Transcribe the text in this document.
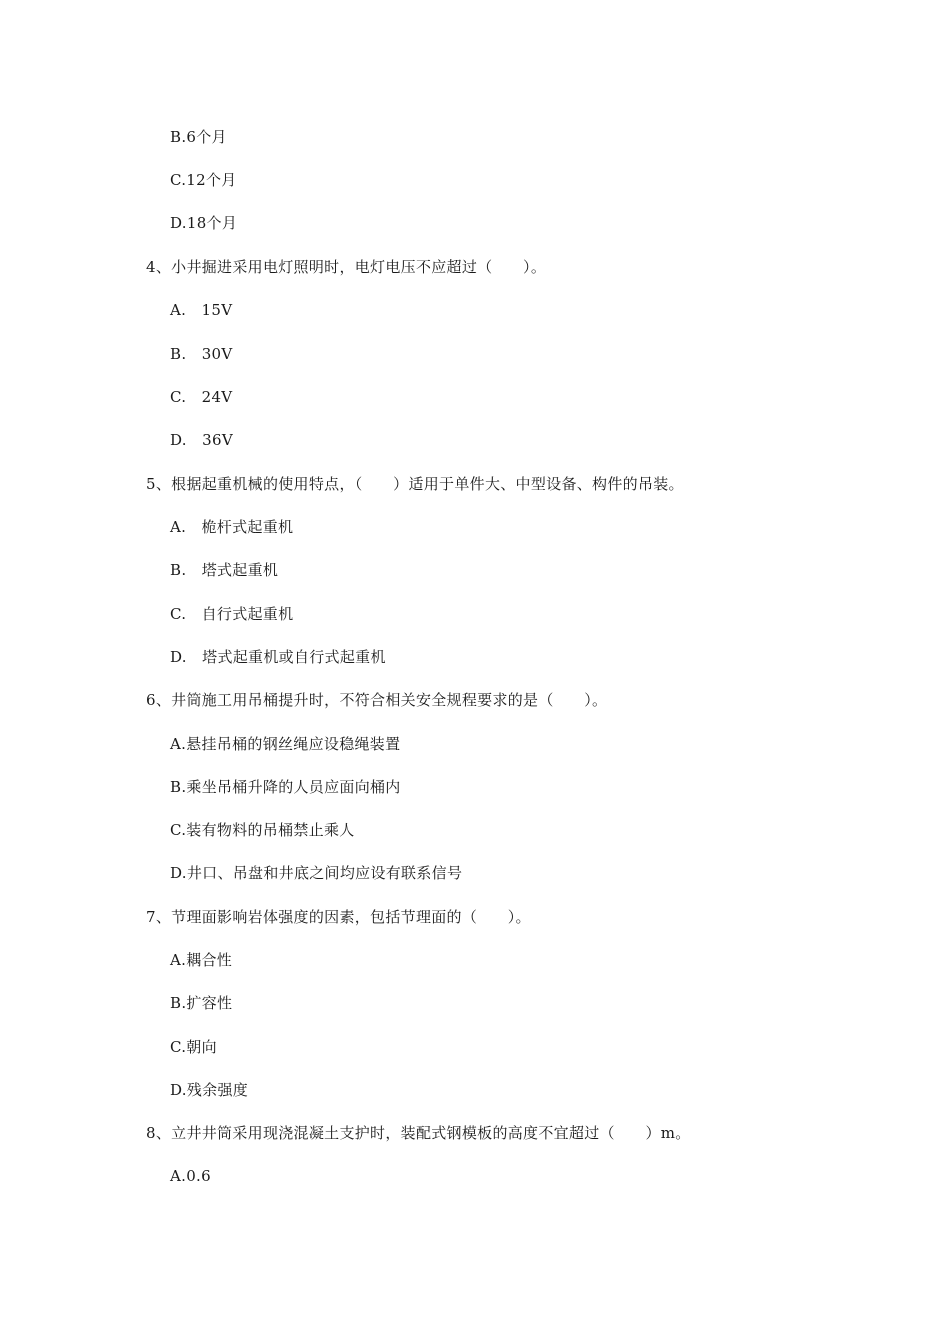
B.6个月
C.12个月
D.18个月
4、小井掘进采用电灯照明时，电灯电压不应超过（　　）。
A.　15V
B.　30V
C.　24V
D.　36V
5、根据起重机械的使用特点，（　　）适用于单件大、中型设备、构件的吊装。
A.　桅杆式起重机
B.　塔式起重机
C.　自行式起重机
D.　塔式起重机或自行式起重机
6、井筒施工用吊桶提升时，不符合相关安全规程要求的是（　　）。
A.悬挂吊桶的钢丝绳应设稳绳装置
B.乘坐吊桶升降的人员应面向桶内
C.装有物料的吊桶禁止乘人
D.井口、吊盘和井底之间均应设有联系信号
7、节理面影响岩体强度的因素，包括节理面的（　　）。
A.耦合性
B.扩容性
C.朝向
D.残余强度
8、立井井筒采用现浇混凝土支护时，装配式钢模板的高度不宜超过（　　）m。
A.0.6
